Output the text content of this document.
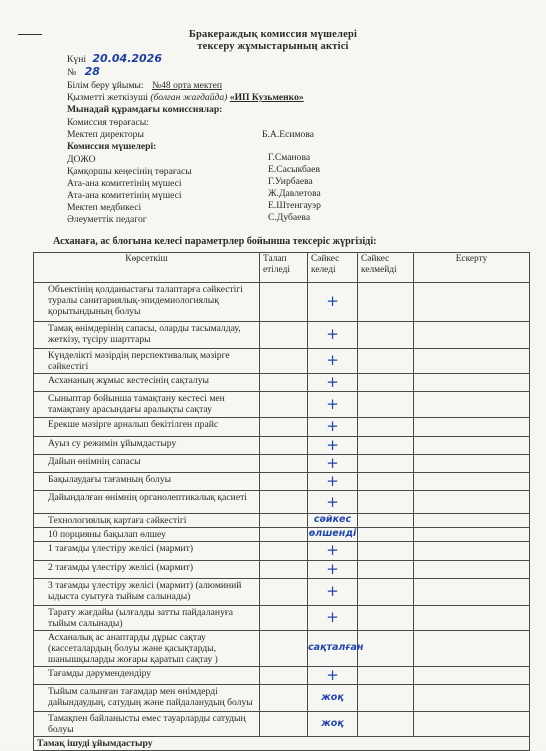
Бракераждық комиссия мүшелері
тексеру жұмыстарының актісі
Күні 20.04.2026
№ 28
Білім беру ұйымы: №48 орта мектеп
Қызметті жеткізуші (болған жағдайда) «ИП Кузьменко»
Мынадай құрамдағы комиссиялар:
Комиссия төрағасы:
Мектеп директоры	Б.А.Есимова
Комиссия мүшелері:
ДОЖО	Г.Сманова
Қамқоршы кеңесінің төрағасы	Е.Сасыкбаев
Ата-ана комитетінің мүшесі	Г.Уирбаева
Ата-ана комитетінің мүшесі	Ж.Давлетова
Мектеп медбикесі	Е.Штенгауэр
Әлеуметтік педагог	С.Дубаева
Асханаға, ас блогына келесі параметрлер бойынша тексеріс жүргізіді:
Көрсеткіш	Талап етіледі	Сәйкес келеді	Сәйкес келмейді	Ескерту
Объектінің қолданыстағы талаптарға сәйкестігі туралы санитариялық-эпидемиологиялық қорытындының болуы		+		
Тамақ өнімдерінің сапасы, оларды тасымалдау, жеткізу, түсіру шарттары		+		
Күнделікті мәзірдің перспективалық мәзірге сәйкестігі		+		
Асхананың жұмыс кестесінің сақталуы		+		
Сыныптар бойынша тамақтану кестесі мен тамақтану арасындағы аралықты сақтау		+		
Ерекше мәзірге арналып бекітілген прайс		+		
Ауыз су режимін ұйымдастыру		+		
Дайын өнімнің сапасы		+		
Бақылаудағы тағамның болуы		+		
Дайындалған өнімнің органолептикалық қасиеті		+		
Технологиялық картаға сәйкестігі		сәйкес		
10 порцияны бақылап өлшеу		өлшенді		
1 тағамды үлестіру желісі (мармит)		+		
2 тағамды үлестіру желісі (мармит)		+		
3 тағамды үлестіру желісі (мармит) (алюминий ыдыста суытуға тыйым салынады)		+		
Тарату жағдайы (ылғалды затты пайдалануға тыйым салынады)		+		
Асханалық ас анаптарды дұрыс сақтау (кассеталардың болуы және қасықтарды, шанышқыларды жоғары қаратып сақтау )		сақталған		
Тағамды дәрумендендіру		+		
Тыйым салынған тағамдар мен өнімдерді дайындаудың, сатудың және пайдаланудың болуы		жоқ		
Тамақпен байланысты емес тауарларды сатудың болуы		жоқ		
Тамақ ішуді ұйымдастыру				
